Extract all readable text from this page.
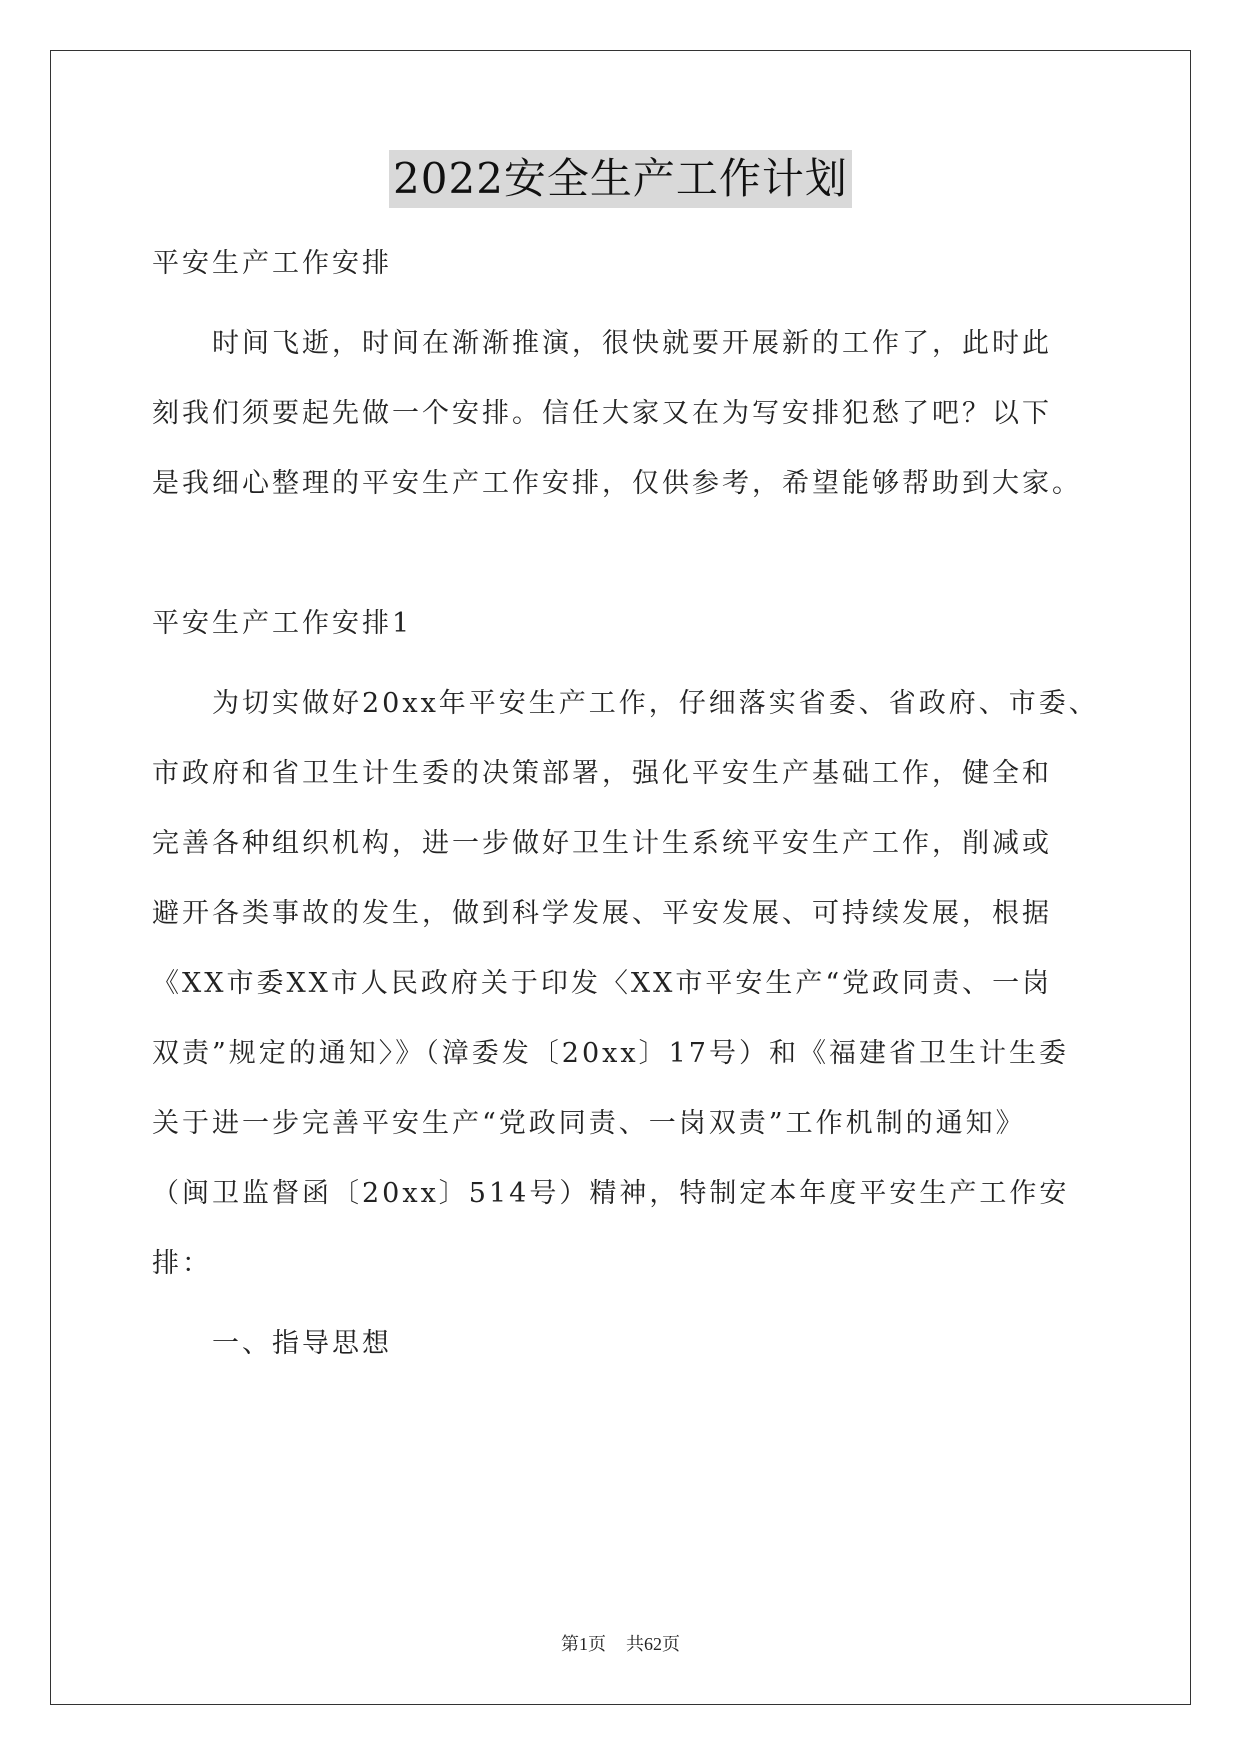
2022安全生产工作计划
平安生产工作安排
时间飞逝，时间在渐渐推演，很快就要开展新的工作了，此时此
刻我们须要起先做一个安排。信任大家又在为写安排犯愁了吧？以下
是我细心整理的平安生产工作安排，仅供参考，希望能够帮助到大家。
平安生产工作安排1
为切实做好20xx年平安生产工作，仔细落实省委、省政府、市委、
市政府和省卫生计生委的决策部署，强化平安生产基础工作，健全和
完善各种组织机构，进一步做好卫生计生系统平安生产工作，削减或
避开各类事故的发生，做到科学发展、平安发展、可持续发展，根据
《XX市委XX市人民政府关于印发〈XX市平安生产“党政同责、一岗
双责”规定的通知〉》（漳委发〔20xx〕17号）和《福建省卫生计生委
关于进一步完善平安生产“党政同责、一岗双责”工作机制的通知》
（闽卫监督函〔20xx〕514号）精神，特制定本年度平安生产工作安
排：
一、指导思想
第1页 共62页
